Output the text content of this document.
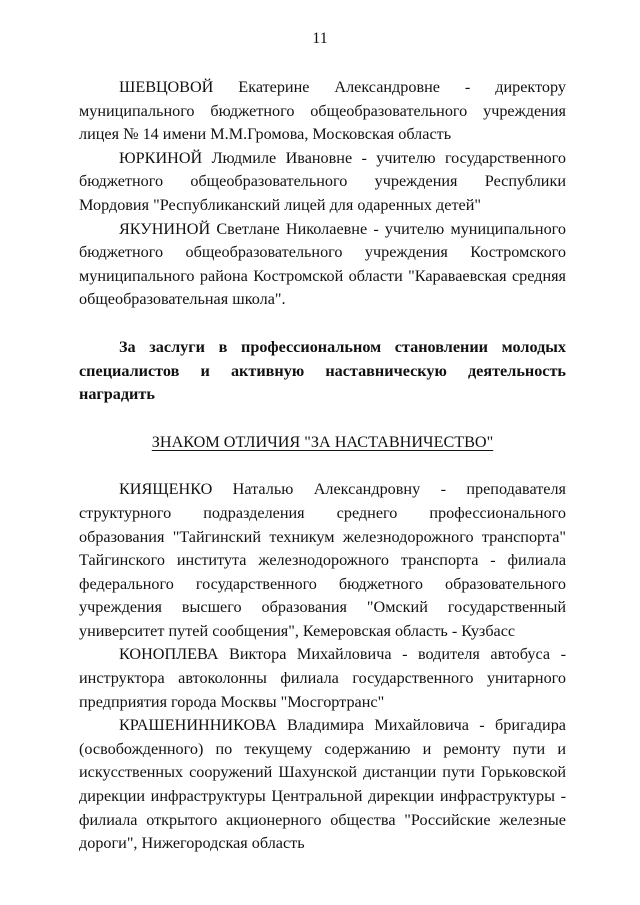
11

ШЕВЦОВОЙ Екатерине Александровне - директору муниципального бюджетного общеобразовательного учреждения лицея № 14 имени М.М.Громова, Московская область

ЮРКИНОЙ Людмиле Ивановне - учителю государственного бюджетного общеобразовательного учреждения Республики Мордовия "Республиканский лицей для одаренных детей"

ЯКУНИНОЙ Светлане Николаевне - учителю муниципального бюджетного общеобразовательного учреждения Костромского муниципального района Костромской области "Караваевская средняя общеобразовательная школа".

За заслуги в профессиональном становлении молодых специалистов и активную наставническую деятельность наградить

ЗНАКОМ ОТЛИЧИЯ "ЗА НАСТАВНИЧЕСТВО"

КИЯЩЕНКО Наталью Александровну - преподавателя структурного подразделения среднего профессионального образования "Тайгинский техникум железнодорожного транспорта" Тайгинского института железнодорожного транспорта - филиала федерального государственного бюджетного образовательного учреждения высшего образования "Омский государственный университет путей сообщения", Кемеровская область - Кузбасс

КОНОПЛЕВА Виктора Михайловича - водителя автобуса - инструктора автоколонны филиала государственного унитарного предприятия города Москвы "Мосгортранс"

КРАШЕНИННИКОВА Владимира Михайловича - бригадира (освобожденного) по текущему содержанию и ремонту пути и искусственных сооружений Шахунской дистанции пути Горьковской дирекции инфраструктуры Центральной дирекции инфраструктуры - филиала открытого акционерного общества "Российские железные дороги", Нижегородская область
